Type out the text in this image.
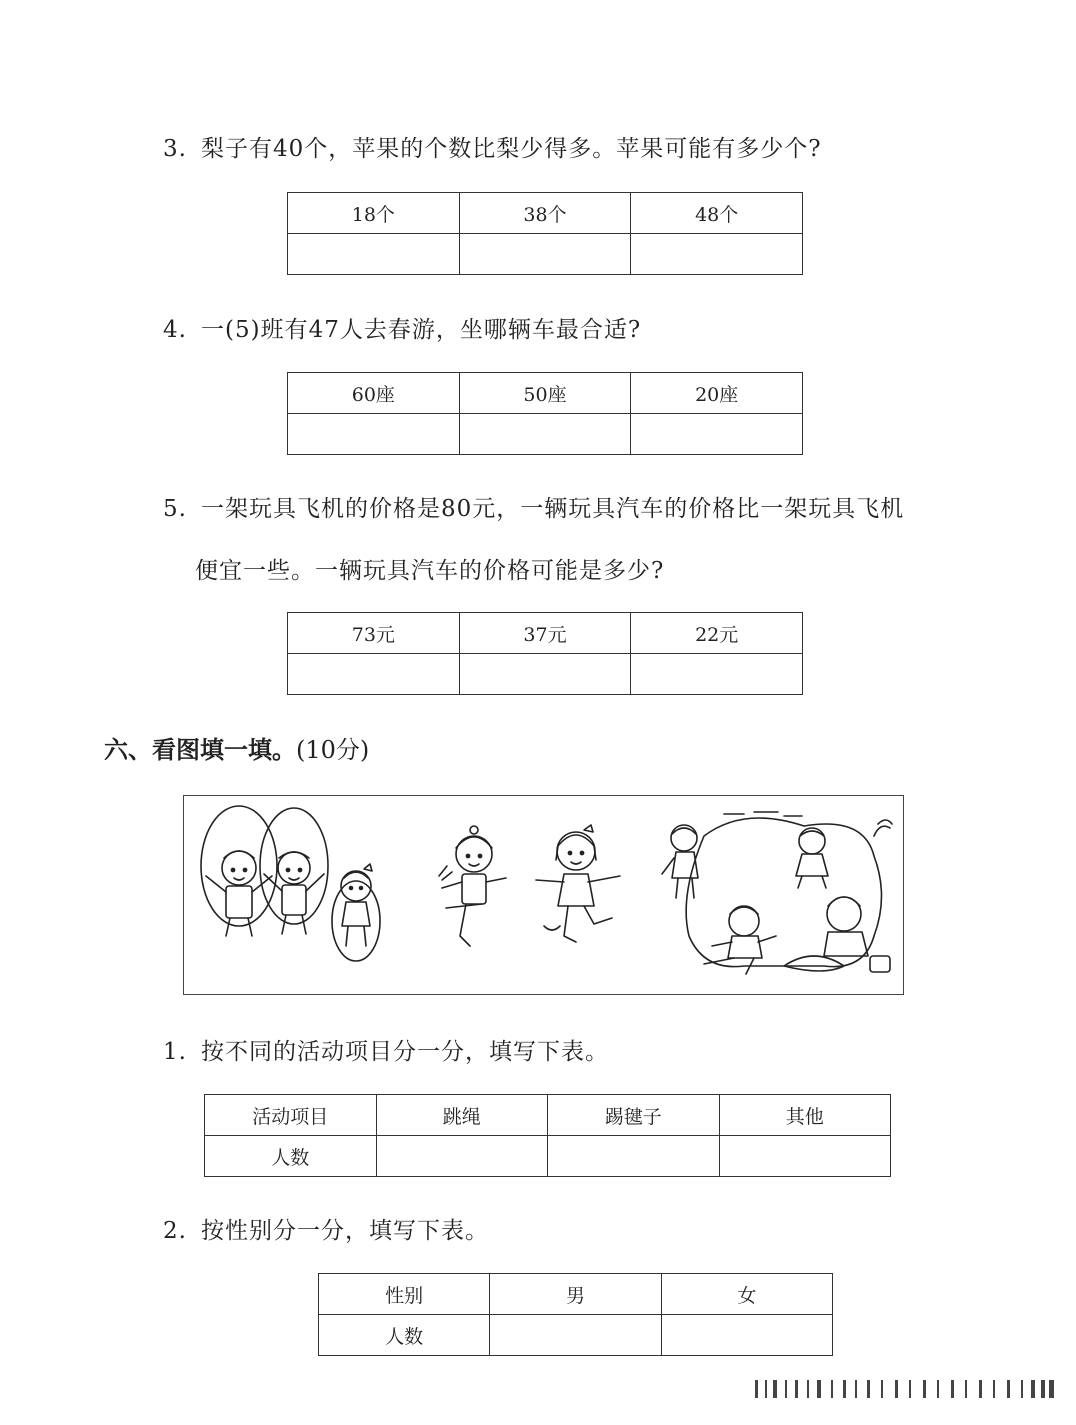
3. 梨子有40个，苹果的个数比梨少得多。苹果可能有多少个?
18个	38个	48个

4. 一(5)班有47人去春游，坐哪辆车最合适?
60座	50座	20座

5. 一架玩具飞机的价格是80元，一辆玩具汽车的价格比一架玩具飞机
便宜一些。一辆玩具汽车的价格可能是多少?
73元	37元	22元

六、看图填一填。(10分)
1. 按不同的活动项目分一分，填写下表。
活动项目	跳绳	踢毽子	其他
人数			
2. 按性别分一分，填写下表。
性别	男	女
人数		
